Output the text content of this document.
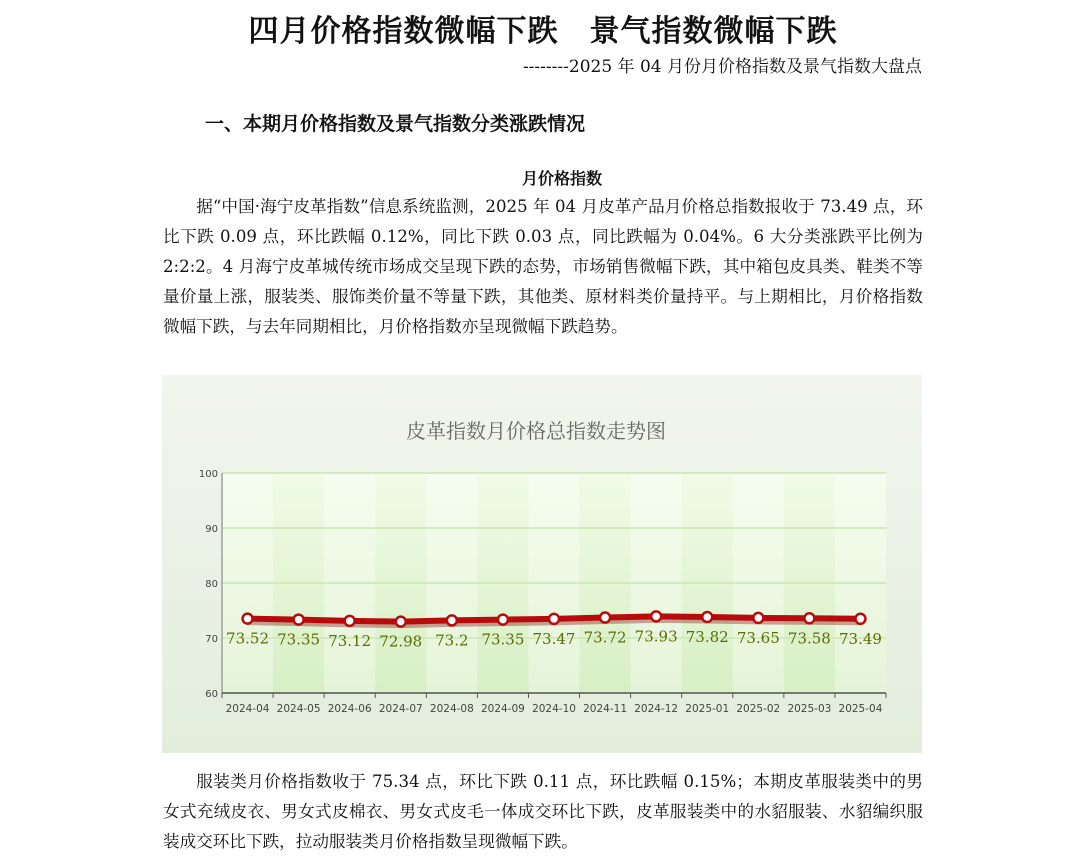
四月价格指数微幅下跌　景气指数微幅下跌

--------2025 年 04 月份月价格指数及景气指数大盘点

一、本期月价格指数及景气指数分类涨跌情况
月价格指数

据“中国·海宁皮革指数”信息系统监测，2025 年 04 月皮革产品月价格总指数报收于 73.49 点，环比下跌 0.09 点，环比跌幅 0.12%，同比下跌 0.03 点，同比跌幅为 0.04%。6 大分类涨跌平比例为 2:2:2。4 月海宁皮革城传统市场成交呈现下跌的态势，市场销售微幅下跌，其中箱包皮具类、鞋类不等量价量上涨，服装类、服饰类价量不等量下跌，其他类、原材料类价量持平。与上期相比，月价格指数微幅下跌，与去年同期相比，月价格指数亦呈现微幅下跌趋势。

皮革指数月价格总指数走势图
60
70
80
90
100
2024-04 2024-05 2024-06 2024-07 2024-08 2024-09 2024-10 2024-11 2024-12 2025-01 2025-02 2025-03 2025-04
73.52 73.35 73.12 72.98 73.2 73.35 73.47 73.72 73.93 73.82 73.65 73.58 73.49

服装类月价格指数收于 75.34 点，环比下跌 0.11 点，环比跌幅 0.15%；本期皮革服装类中的男女式充绒皮衣、男女式皮棉衣、男女式皮毛一体成交环比下跌，皮革服装类中的水貂服装、水貂编织服装成交环比下跌，拉动服装类月价格指数呈现微幅下跌。
